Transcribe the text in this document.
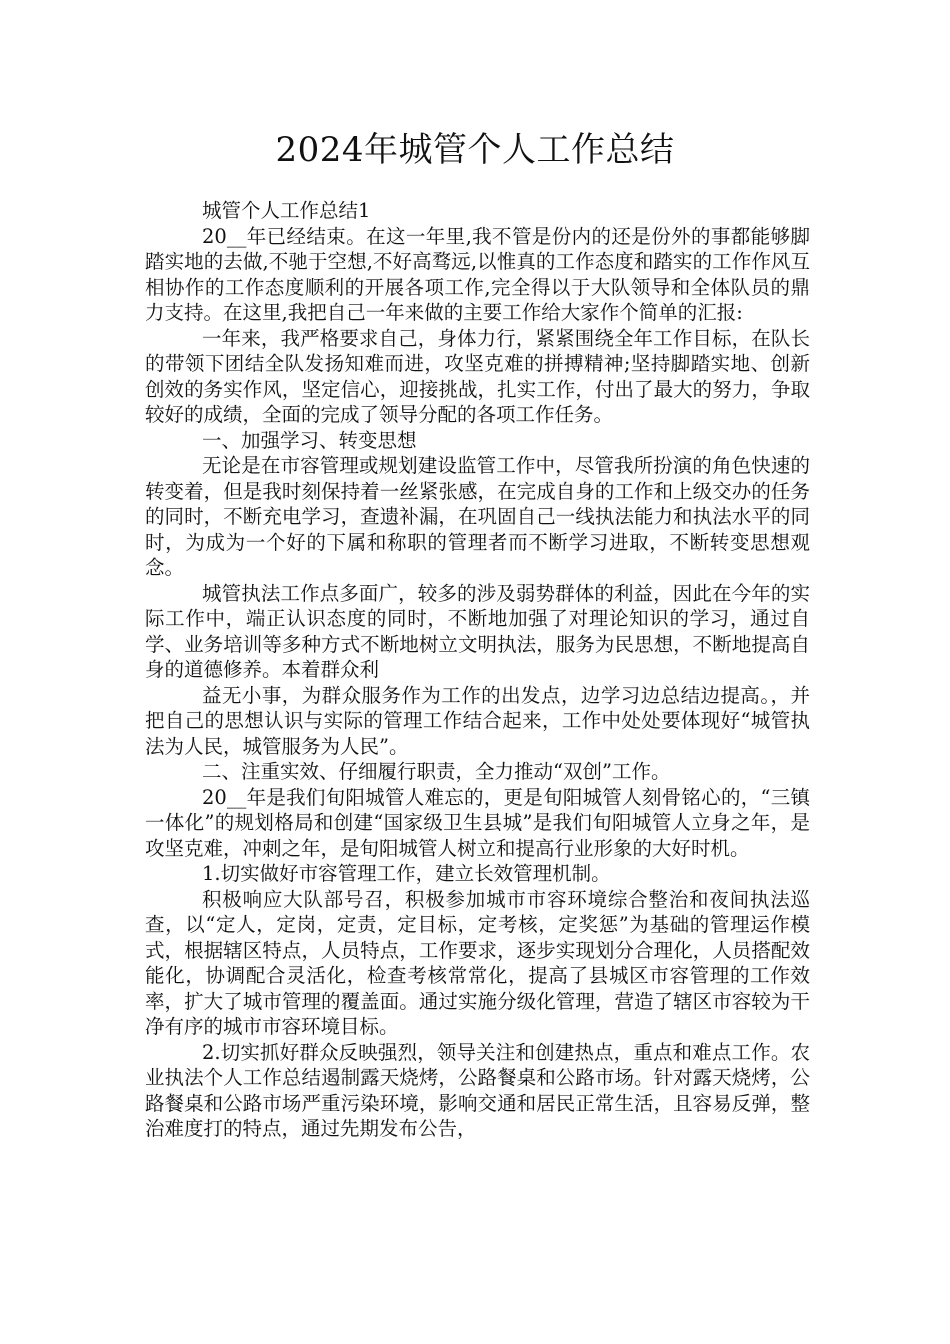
2024年城管个人工作总结

城管个人工作总结1

20__年已经结束。在这一年里,我不管是份内的还是份外的事都能够脚踏实地的去做,不驰于空想,不好高骛远,以惟真的工作态度和踏实的工作作风互相协作的工作态度顺利的开展各项工作,完全得以于大队领导和全体队员的鼎力支持。在这里,我把自己一年来做的主要工作给大家作个简单的汇报:

一年来，我严格要求自己，身体力行，紧紧围绕全年工作目标，在队长的带领下团结全队发扬知难而进，攻坚克难的拼搏精神;坚持脚踏实地、创新创效的务实作风，坚定信心，迎接挑战，扎实工作，付出了最大的努力，争取较好的成绩，全面的完成了领导分配的各项工作任务。

一、加强学习、转变思想

无论是在市容管理或规划建设监管工作中，尽管我所扮演的角色快速的转变着，但是我时刻保持着一丝紧张感，在完成自身的工作和上级交办的任务的同时，不断充电学习，查遗补漏，在巩固自己一线执法能力和执法水平的同时，为成为一个好的下属和称职的管理者而不断学习进取，不断转变思想观念。

城管执法工作点多面广，较多的涉及弱势群体的利益，因此在今年的实际工作中，端正认识态度的同时，不断地加强了对理论知识的学习，通过自学、业务培训等多种方式不断地树立文明执法，服务为民思想，不断地提高自身的道德修养。本着群众利

益无小事，为群众服务作为工作的出发点，边学习边总结边提高。，并把自己的思想认识与实际的管理工作结合起来，工作中处处要体现好“城管执法为人民，城管服务为人民”。

二、注重实效、仔细履行职责，全力推动“双创”工作。

20__年是我们旬阳城管人难忘的，更是旬阳城管人刻骨铭心的，“三镇一体化”的规划格局和创建“国家级卫生县城”是我们旬阳城管人立身之年，是攻坚克难，冲刺之年，是旬阳城管人树立和提高行业形象的大好时机。

1.切实做好市容管理工作，建立长效管理机制。

积极响应大队部号召，积极参加城市市容环境综合整治和夜间执法巡查，以“定人，定岗，定责，定目标，定考核，定奖惩”为基础的管理运作模式，根据辖区特点，人员特点，工作要求，逐步实现划分合理化，人员搭配效能化，协调配合灵活化，检查考核常常化，提高了县城区市容管理的工作效率，扩大了城市管理的覆盖面。通过实施分级化管理，营造了辖区市容较为干净有序的城市市容环境目标。

2.切实抓好群众反映强烈，领导关注和创建热点，重点和难点工作。农业执法个人工作总结遏制露天烧烤，公路餐桌和公路市场。针对露天烧烤，公路餐桌和公路市场严重污染环境，影响交通和居民正常生活，且容易反弹，整治难度打的特点，通过先期发布公告，
